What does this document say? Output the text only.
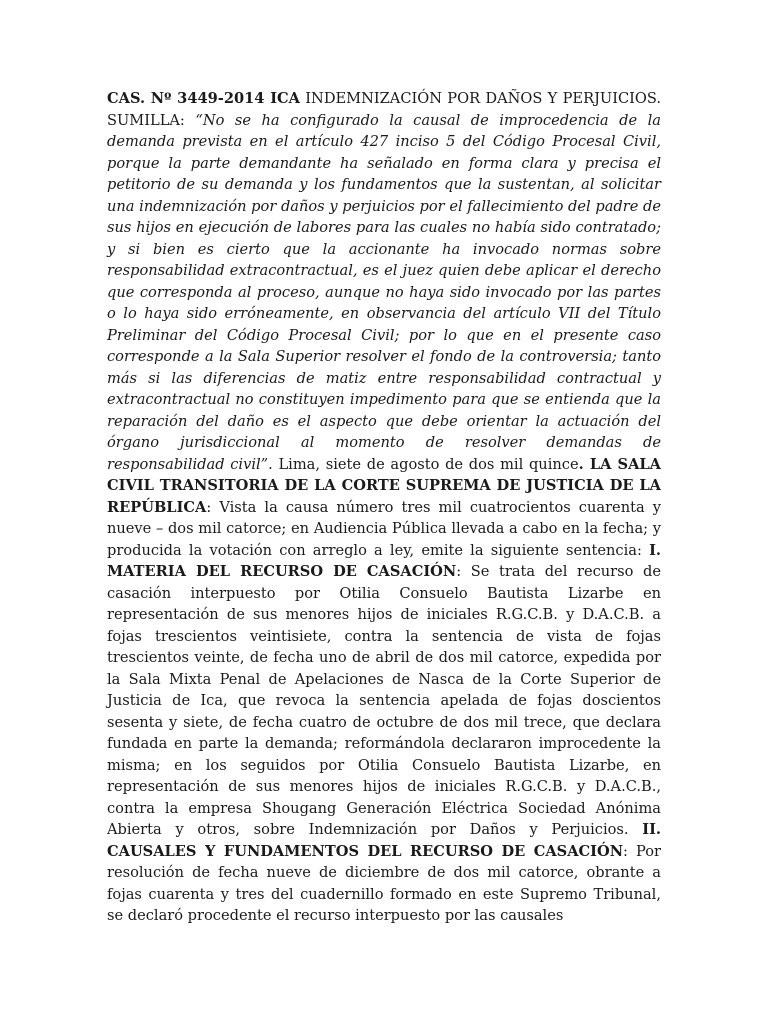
CAS. Nº 3449-2014 ICA INDEMNIZACIÓN POR DAÑOS Y PERJUICIOS. SUMILLA: “No se ha configurado la causal de improcedencia de la demanda prevista en el artículo 427 inciso 5 del Código Procesal Civil, porque la parte demandante ha señalado en forma clara y precisa el petitorio de su demanda y los fundamentos que la sustentan, al solicitar una indemnización por daños y perjuicios por el fallecimiento del padre de sus hijos en ejecución de labores para las cuales no había sido contratado; y si bien es cierto que la accionante ha invocado normas sobre responsabilidad extracontractual, es el juez quien debe aplicar el derecho que corresponda al proceso, aunque no haya sido invocado por las partes o lo haya sido erróneamente, en observancia del artículo VII del Título Preliminar del Código Procesal Civil; por lo que en el presente caso corresponde a la Sala Superior resolver el fondo de la controversia; tanto más si las diferencias de matiz entre responsabilidad contractual y extracontractual no constituyen impedimento para que se entienda que la reparación del daño es el aspecto que debe orientar la actuación del órgano jurisdiccional al momento de resolver demandas de responsabilidad civil”. Lima, siete de agosto de dos mil quince. LA SALA CIVIL TRANSITORIA DE LA CORTE SUPREMA DE JUSTICIA DE LA REPÚBLICA: Vista la causa número tres mil cuatrocientos cuarenta y nueve – dos mil catorce; en Audiencia Pública llevada a cabo en la fecha; y producida la votación con arreglo a ley, emite la siguiente sentencia: I. MATERIA DEL RECURSO DE CASACIÓN: Se trata del recurso de casación interpuesto por Otilia Consuelo Bautista Lizarbe en representación de sus menores hijos de iniciales R.G.C.B. y D.A.C.B. a fojas trescientos veintisiete, contra la sentencia de vista de fojas trescientos veinte, de fecha uno de abril de dos mil catorce, expedida por la Sala Mixta Penal de Apelaciones de Nasca de la Corte Superior de Justicia de Ica, que revoca la sentencia apelada de fojas doscientos sesenta y siete, de fecha cuatro de octubre de dos mil trece, que declara fundada en parte la demanda; reformándola declararon improcedente la misma; en los seguidos por Otilia Consuelo Bautista Lizarbe, en representación de sus menores hijos de iniciales R.G.C.B. y D.A.C.B., contra la empresa Shougang Generación Eléctrica Sociedad Anónima Abierta y otros, sobre Indemnización por Daños y Perjuicios. II. CAUSALES Y FUNDAMENTOS DEL RECURSO DE CASACIÓN: Por resolución de fecha nueve de diciembre de dos mil catorce, obrante a fojas cuarenta y tres del cuadernillo formado en este Supremo Tribunal, se declaró procedente el recurso interpuesto por las causales
